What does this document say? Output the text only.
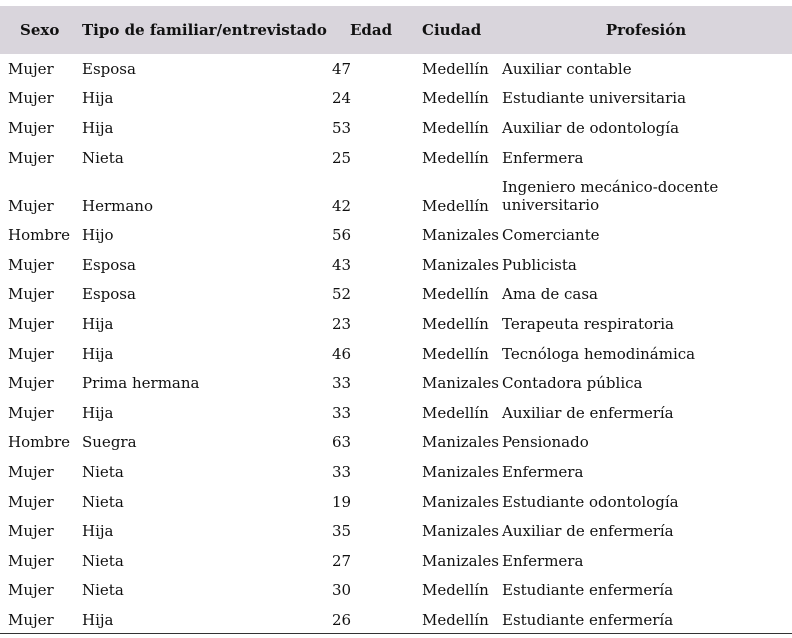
Sexo	Tipo de familiar/entrevistado	Edad	Ciudad	Profesión
Mujer	Esposa	47	Medellín	Auxiliar contable
Mujer	Hija	24	Medellín	Estudiante universitaria
Mujer	Hija	53	Medellín	Auxiliar de odontología
Mujer	Nieta	25	Medellín	Enfermera
Mujer	Hermano	42	Medellín	Ingeniero mecánico-docente universitario
Hombre	Hijo	56	Manizales	Comerciante
Mujer	Esposa	43	Manizales	Publicista
Mujer	Esposa	52	Medellín	Ama de casa
Mujer	Hija	23	Medellín	Terapeuta respiratoria
Mujer	Hija	46	Medellín	Tecnóloga hemodinámica
Mujer	Prima hermana	33	Manizales	Contadora pública
Mujer	Hija	33	Medellín	Auxiliar de enfermería
Hombre	Suegra	63	Manizales	Pensionado
Mujer	Nieta	33	Manizales	Enfermera
Mujer	Nieta	19	Manizales	Estudiante odontología
Mujer	Hija	35	Manizales	Auxiliar de enfermería
Mujer	Nieta	27	Manizales	Enfermera
Mujer	Nieta	30	Medellín	Estudiante enfermería
Mujer	Hija	26	Medellín	Estudiante enfermería
